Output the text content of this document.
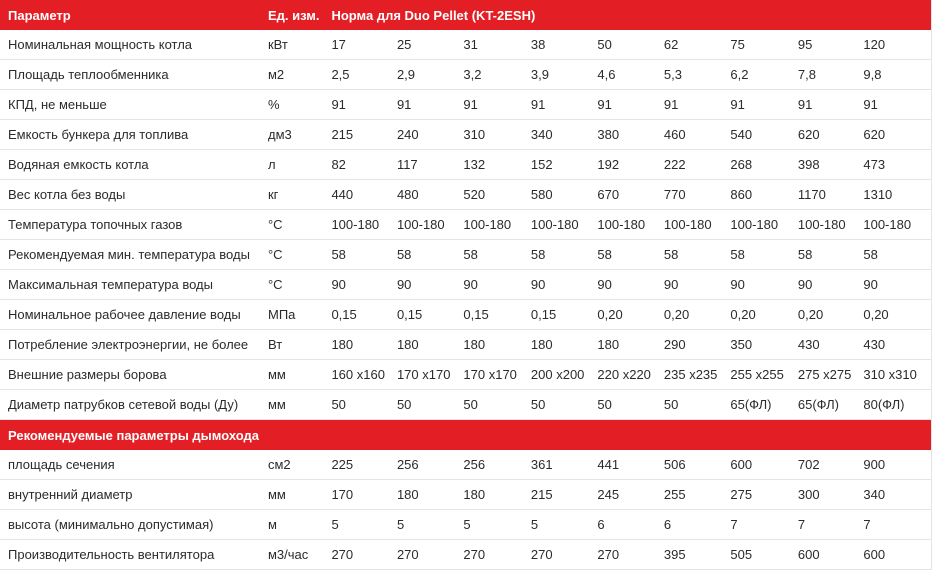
Параметр	Ед. изм.	Норма для Duo Pellet (KT-2ESH)								
Номинальная мощность котла	кВт	17	25	31	38	50	62	75	95	120
Площадь теплообменника	м2	2,5	2,9	3,2	3,9	4,6	5,3	6,2	7,8	9,8
КПД, не меньше	%	91	91	91	91	91	91	91	91	91
Емкость бункера для топлива	дм3	215	240	310	340	380	460	540	620	620
Водяная емкость котла	л	82	117	132	152	192	222	268	398	473
Вес котла без воды	кг	440	480	520	580	670	770	860	1170	1310
Температура топочных газов	°С	100-180	100-180	100-180	100-180	100-180	100-180	100-180	100-180	100-180
Рекомендуемая мин. температура воды	°С	58	58	58	58	58	58	58	58	58
Максимальная температура воды	°С	90	90	90	90	90	90	90	90	90
Номинальное рабочее давление воды	МПа	0,15	0,15	0,15	0,15	0,20	0,20	0,20	0,20	0,20
Потребление электроэнергии, не более	Вт	180	180	180	180	180	290	350	430	430
Внешние размеры борова	мм	160 x160	170 x170	170 x170	200 x200	220 x220	235 x235	255 x255	275 x275	310 x310
Диаметр патрубков сетевой воды (Ду)	мм	50	50	50	50	50	50	65(ФЛ)	65(ФЛ)	80(ФЛ)
Рекомендуемые параметры дымохода										
площадь сечения	см2	225	256	256	361	441	506	600	702	900
внутренний диаметр	мм	170	180	180	215	245	255	275	300	340
высота (минимально допустимая)	м	5	5	5	5	6	6	7	7	7
Производительность вентилятора	м3/час	270	270	270	270	270	395	505	600	600
